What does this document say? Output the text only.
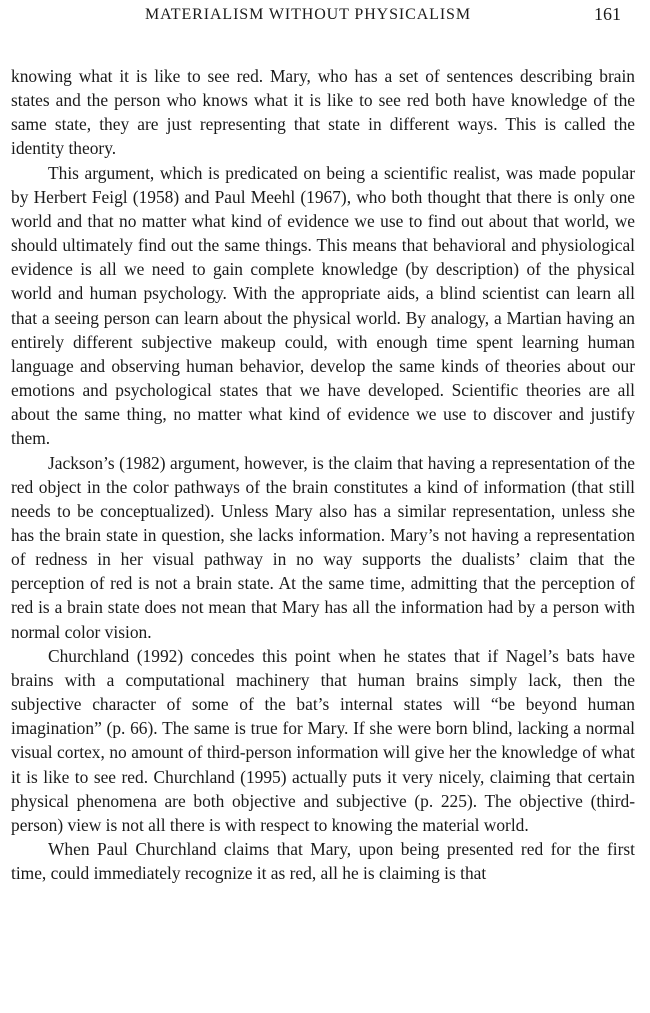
MATERIALISM WITHOUT PHYSICALISM	161

knowing what it is like to see red. Mary, who has a set of sentences describing brain states and the person who knows what it is like to see red both have knowledge of the same state, they are just representing that state in different ways. This is called the identity theory.

This argument, which is predicated on being a scientific realist, was made popular by Herbert Feigl (1958) and Paul Meehl (1967), who both thought that there is only one world and that no matter what kind of evidence we use to find out about that world, we should ultimately find out the same things. This means that behavioral and physiological evidence is all we need to gain complete knowledge (by description) of the physical world and human psychology. With the appropriate aids, a blind scientist can learn all that a seeing person can learn about the physical world. By analogy, a Martian having an entirely different subjective makeup could, with enough time spent learning human language and observing human behavior, develop the same kinds of theories about our emotions and psychological states that we have developed. Scientific theories are all about the same thing, no matter what kind of evidence we use to discover and justify them.

Jackson’s (1982) argument, however, is the claim that having a representation of the red object in the color pathways of the brain constitutes a kind of information (that still needs to be conceptualized). Unless Mary also has a similar representation, unless she has the brain state in question, she lacks information. Mary’s not having a representation of redness in her visual pathway in no way supports the dualists’ claim that the perception of red is not a brain state. At the same time, admitting that the perception of red is a brain state does not mean that Mary has all the information had by a person with normal color vision.

Churchland (1992) concedes this point when he states that if Nagel’s bats have brains with a computational machinery that human brains simply lack, then the subjective character of some of the bat’s internal states will “be beyond human imagination” (p. 66). The same is true for Mary. If she were born blind, lacking a normal visual cortex, no amount of third-person information will give her the knowledge of what it is like to see red. Churchland (1995) actually puts it very nicely, claiming that certain physical phenomena are both objective and subjective (p. 225). The objective (third-person) view is not all there is with respect to knowing the material world.

When Paul Churchland claims that Mary, upon being presented red for the first time, could immediately recognize it as red, all he is claiming is that
